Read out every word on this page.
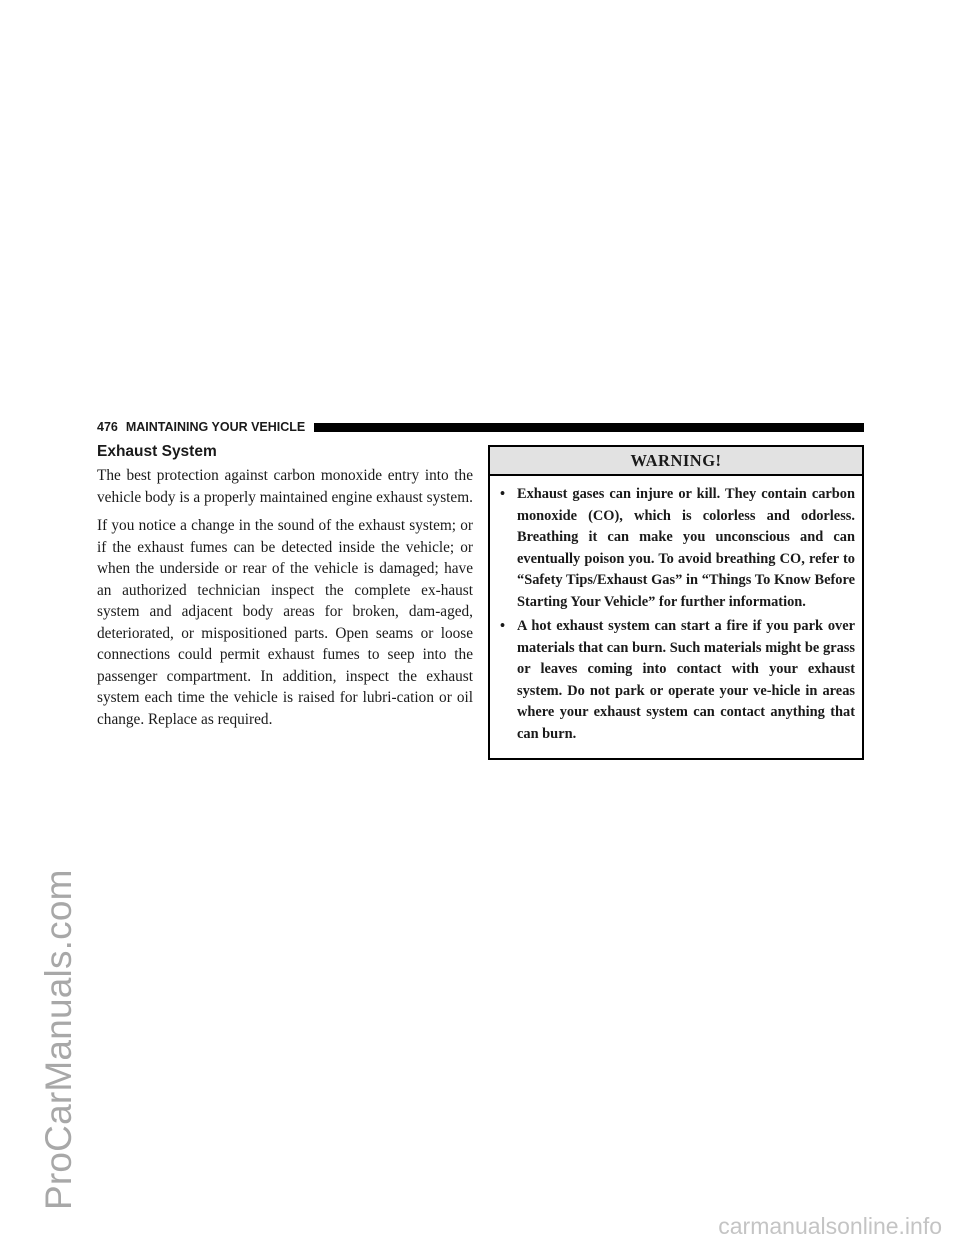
ProCarManuals.com
476 MAINTAINING YOUR VEHICLE
Exhaust System

The best protection against carbon monoxide entry into the vehicle body is a properly maintained engine exhaust system.

If you notice a change in the sound of the exhaust system; or if the exhaust fumes can be detected inside the vehicle; or when the underside or rear of the vehicle is damaged; have an authorized technician inspect the complete ex-haust system and adjacent body areas for broken, dam-aged, deteriorated, or mispositioned parts. Open seams or loose connections could permit exhaust fumes to seep into the passenger compartment. In addition, inspect the exhaust system each time the vehicle is raised for lubri-cation or oil change. Replace as required.

WARNING!
• Exhaust gases can injure or kill. They contain carbon monoxide (CO), which is colorless and odorless. Breathing it can make you unconscious and can eventually poison you. To avoid breathing CO, refer to “Safety Tips/Exhaust Gas” in “Things To Know Before Starting Your Vehicle” for further information.
• A hot exhaust system can start a fire if you park over materials that can burn. Such materials might be grass or leaves coming into contact with your exhaust system. Do not park or operate your ve-hicle in areas where your exhaust system can contact anything that can burn.
carmanualsonline.info
